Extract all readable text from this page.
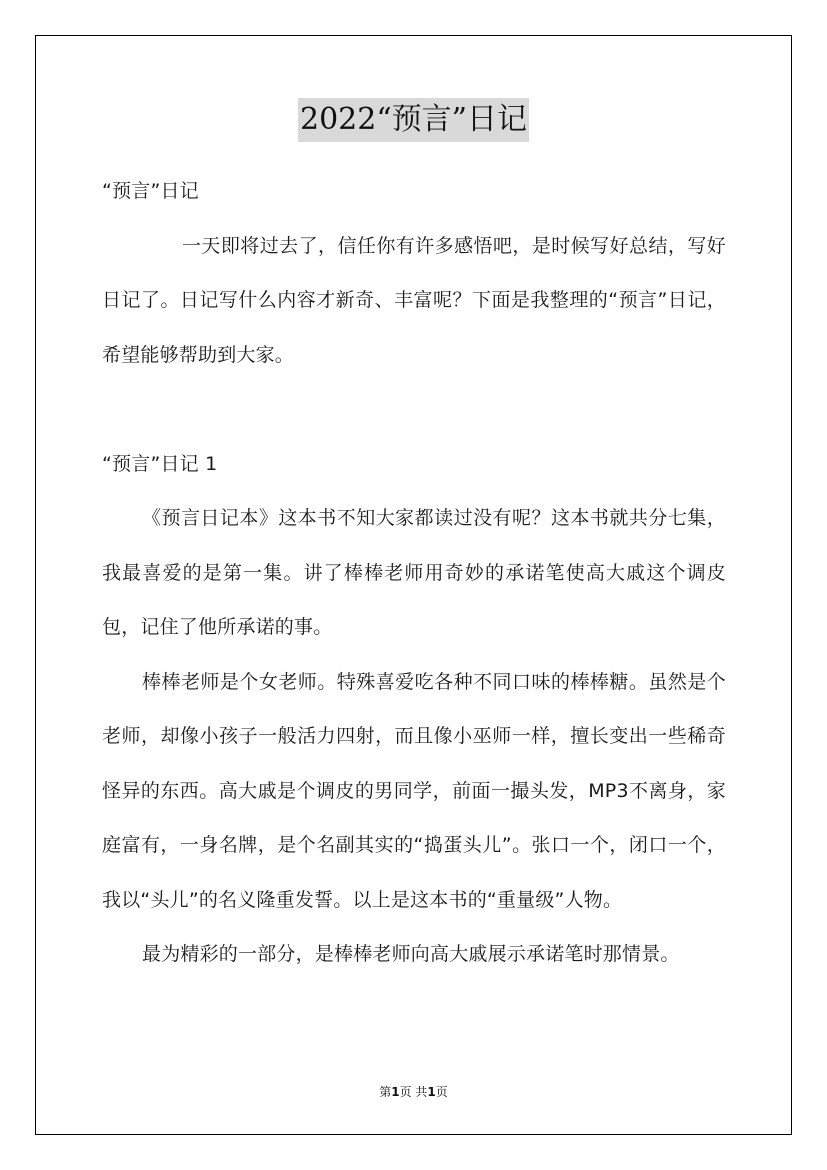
2022“预言”日记

“预言”日记

一天即将过去了，信任你有许多感悟吧，是时候写好总结，写好日记了。日记写什么内容才新奇、丰富呢？下面是我整理的“预言”日记，希望能够帮助到大家。

“预言”日记 1

《预言日记本》这本书不知大家都读过没有呢？这本书就共分七集，我最喜爱的是第一集。讲了棒棒老师用奇妙的承诺笔使高大戚这个调皮包，记住了他所承诺的事。

棒棒老师是个女老师。特殊喜爱吃各种不同口味的棒棒糖。虽然是个老师，却像小孩子一般活力四射，而且像小巫师一样，擅长变出一些稀奇怪异的东西。高大戚是个调皮的男同学，前面一撮头发，MP3不离身，家庭富有，一身名牌，是个名副其实的“捣蛋头儿”。张口一个，闭口一个，我以“头儿”的名义隆重发誓。以上是这本书的“重量级”人物。

最为精彩的一部分，是棒棒老师向高大戚展示承诺笔时那情景。

第1页 共1页
